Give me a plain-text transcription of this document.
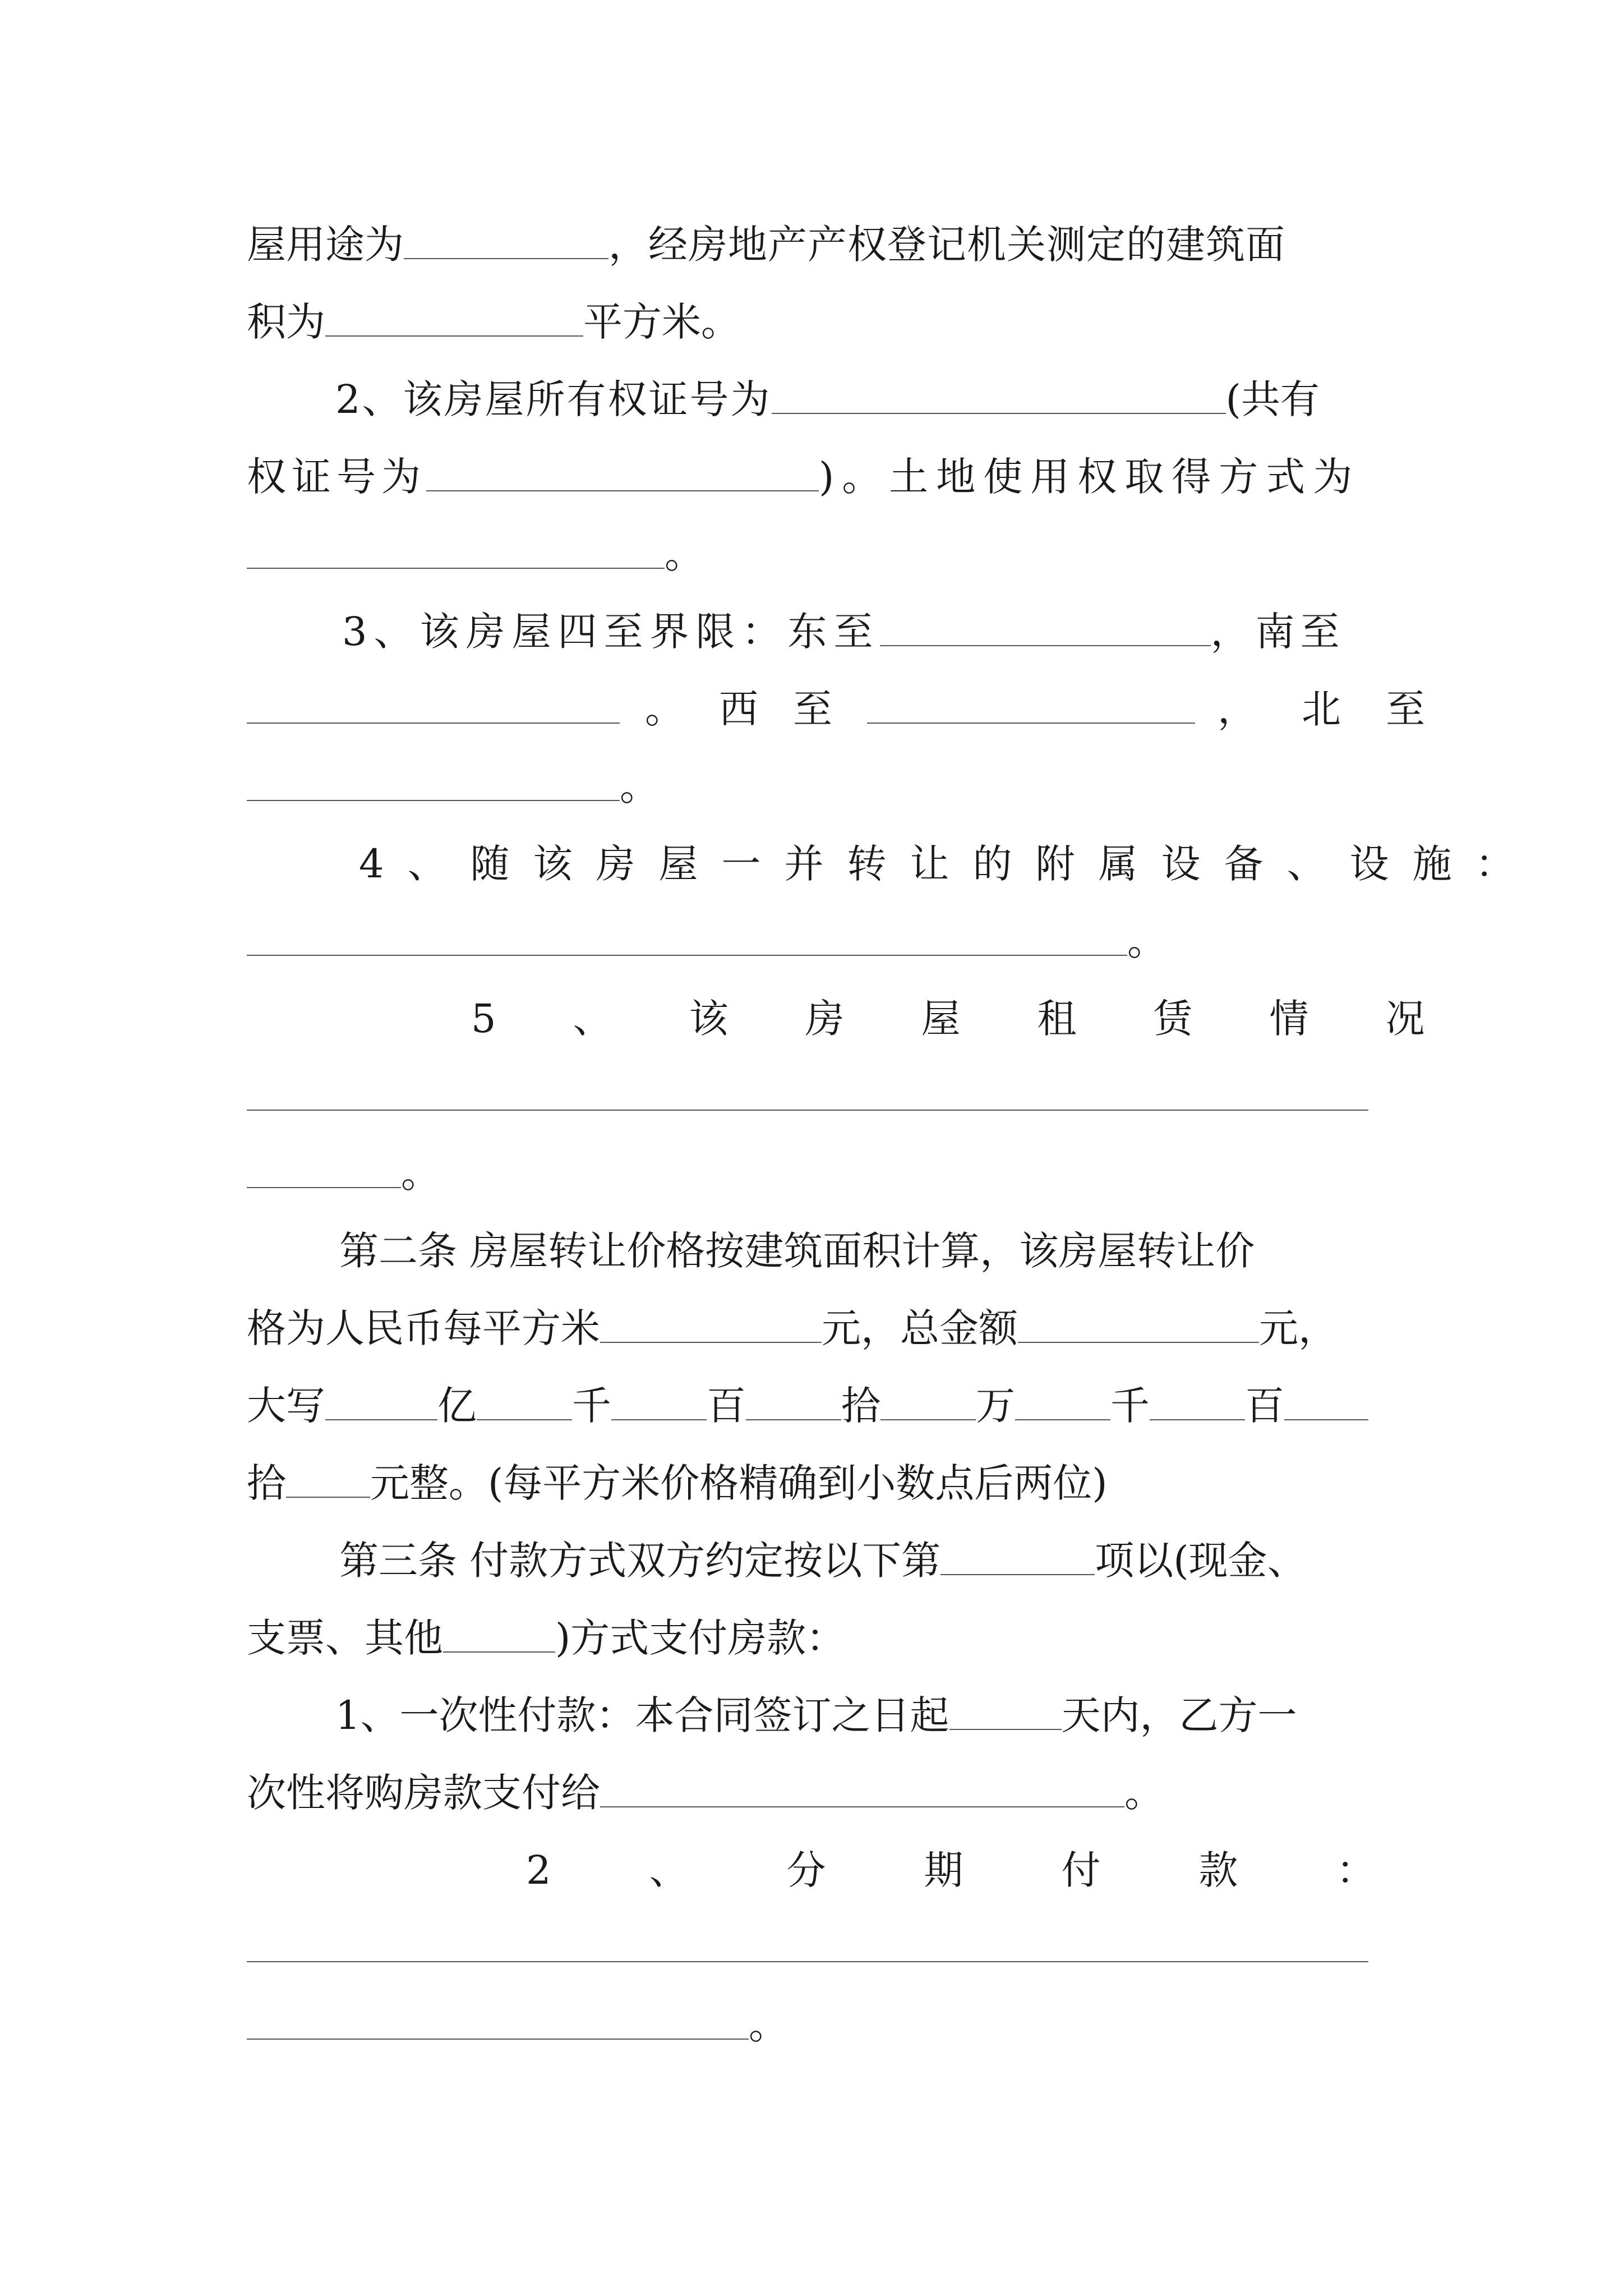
屋用途为	，经房地产产权登记机关测定的建筑面
积为	平方米。
2、该房屋所有权证号为	(共有
权证号为	)。土地使用权取得方式为
。
3、该房屋四至界限：东至	，南至
。西至	，北至
。
4、随该房屋一并转让的附属设备、设施：
。
5、该房屋租赁情况
。
第二条 房屋转让价格按建筑面积计算，该房屋转让价
格为人民币每平方米	元，总金额	元，
大写	亿 千 百 拾 万 千 百
拾 元整。(每平方米价格精确到小数点后两位)
第三条 付款方式双方约定按以下第	项以(现金、
支票、其他	)方式支付房款：
1、一次性付款：本合同签订之日起	天内，乙方一
次性将购房款支付给	。
2、分期付款：
。
